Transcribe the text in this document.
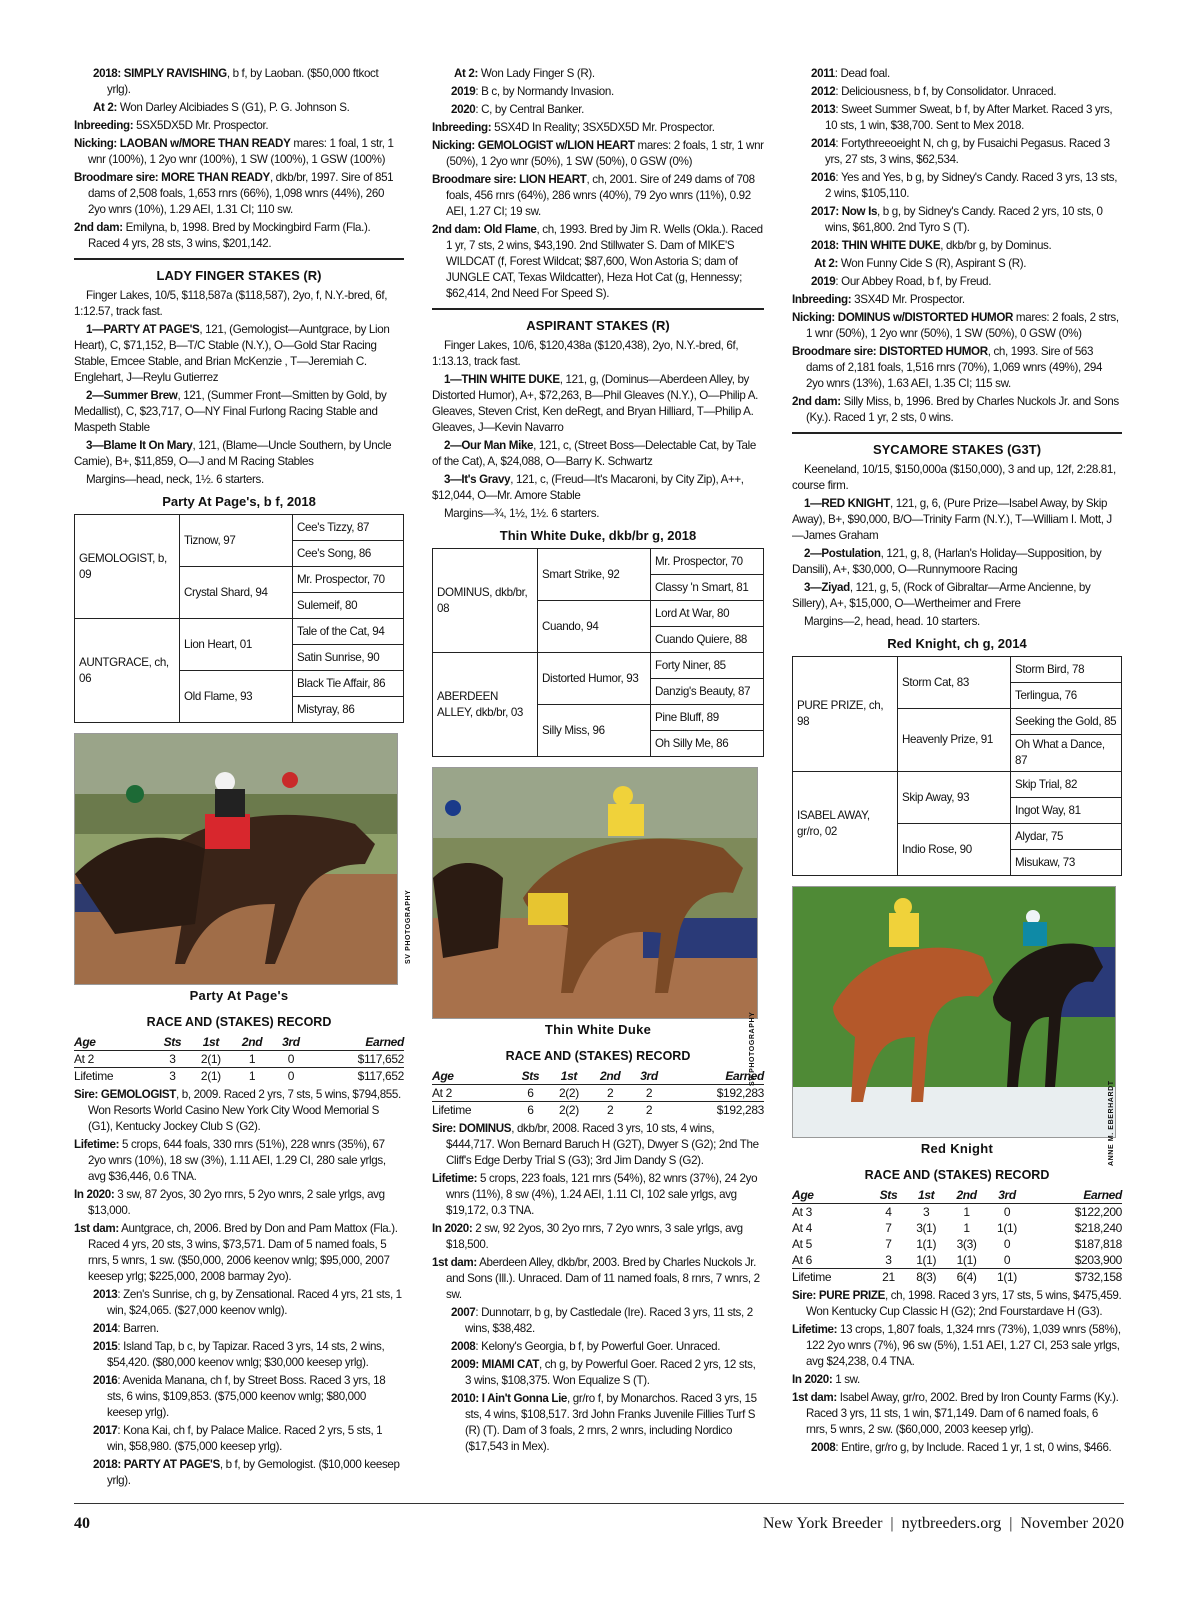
2018: SIMPLY RAVISHING, b f, by Laoban. ($50,000 ftkoct yrlg).

At 2: Won Darley Alcibiades S (G1), P. G. Johnson S.

Inbreeding: 5SX5DX5D Mr. Prospector.

Nicking: LAOBAN w/MORE THAN READY mares: 1 foal, 1 str, 1 wnr (100%), 1 2yo wnr (100%), 1 SW (100%), 1 GSW (100%)

Broodmare sire: MORE THAN READY, dkb/br, 1997. Sire of 851 dams of 2,508 foals, 1,653 rnrs (66%), 1,098 wnrs (44%), 260 2yo wnrs (10%), 1.29 AEI, 1.31 CI; 110 sw.

2nd dam: Emilyna, b, 1998. Bred by Mockingbird Farm (Fla.). Raced 4 yrs, 28 sts, 3 wins, $201,142.

LADY FINGER STAKES (R)

Finger Lakes, 10/5, $118,587a ($118,587), 2yo, f, N.Y.-bred, 6f, 1:12.57, track fast.

1—PARTY AT PAGE'S, 121, (Gemologist—Auntgrace, by Lion Heart), C, $71,152, B—T/C Stable (N.Y.), O—Gold Star Racing Stable, Emcee Stable, and Brian McKenzie , T—Jeremiah C. Englehart, J—Reylu Gutierrez

2—Summer Brew, 121, (Summer Front—Smitten by Gold, by Medallist), C, $23,717, O—NY Final Furlong Racing Stable and Maspeth Stable

3—Blame It On Mary, 121, (Blame—Uncle Southern, by Uncle Camie), B+, $11,859, O—J and M Racing Stables

Margins—head, neck, 1½. 6 starters.

Party At Page's, b f, 2018
GEMOLOGIST, b, 09	Tiznow, 97	Cee's Tizzy, 87
		Cee's Song, 86
	Crystal Shard, 94	Mr. Prospector, 70
		Sulemeif, 80
AUNTGRACE, ch, 06	Lion Heart, 01	Tale of the Cat, 94
		Satin Sunrise, 90
	Old Flame, 93	Black Tie Affair, 86
		Mistyray, 86
SV PHOTOGRAPHY
Party At Page's
RACE AND (STAKES) RECORD
Age	Sts	1st	2nd	3rd	Earned
At 2	3	2(1)	1	0	$117,652
Lifetime	3	2(1)	1	0	$117,652

Sire: GEMOLOGIST, b, 2009. Raced 2 yrs, 7 sts, 5 wins, $794,855. Won Resorts World Casino New York City Wood Memorial S (G1), Kentucky Jockey Club S (G2).

Lifetime: 5 crops, 644 foals, 330 rnrs (51%), 228 wnrs (35%), 67 2yo wnrs (10%), 18 sw (3%), 1.11 AEI, 1.29 CI, 280 sale yrlgs, avg $36,446, 0.6 TNA.

In 2020: 3 sw, 87 2yos, 30 2yo rnrs, 5 2yo wnrs, 2 sale yrlgs, avg $13,000.

1st dam: Auntgrace, ch, 2006. Bred by Don and Pam Mattox (Fla.). Raced 4 yrs, 20 sts, 3 wins, $73,571. Dam of 5 named foals, 5 rnrs, 5 wnrs, 1 sw. ($50,000, 2006 keenov wnlg; $95,000, 2007 keesep yrlg; $225,000, 2008 barmay 2yo).

2013: Zen's Sunrise, ch g, by Zensational. Raced 4 yrs, 21 sts, 1 win, $24,065. ($27,000 keenov wnlg).

2014: Barren.

2015: Island Tap, b c, by Tapizar. Raced 3 yrs, 14 sts, 2 wins, $54,420. ($80,000 keenov wnlg; $30,000 keesep yrlg).

2016: Avenida Manana, ch f, by Street Boss. Raced 3 yrs, 18 sts, 6 wins, $109,853. ($75,000 keenov wnlg; $80,000 keesep yrlg).

2017: Kona Kai, ch f, by Palace Malice. Raced 2 yrs, 5 sts, 1 win, $58,980. ($75,000 keesep yrlg).

2018: PARTY AT PAGE'S, b f, by Gemologist. ($10,000 keesep yrlg).

At 2: Won Lady Finger S (R).

2019: B c, by Normandy Invasion.

2020: C, by Central Banker.

Inbreeding: 5SX4D In Reality; 3SX5DX5D Mr. Prospector.

Nicking: GEMOLOGIST w/LION HEART mares: 2 foals, 1 str, 1 wnr (50%), 1 2yo wnr (50%), 1 SW (50%), 0 GSW (0%)

Broodmare sire: LION HEART, ch, 2001. Sire of 249 dams of 708 foals, 456 rnrs (64%), 286 wnrs (40%), 79 2yo wnrs (11%), 0.92 AEI, 1.27 CI; 19 sw.

2nd dam: Old Flame, ch, 1993. Bred by Jim R. Wells (Okla.). Raced 1 yr, 7 sts, 2 wins, $43,190. 2nd Stillwater S. Dam of MIKE'S WILDCAT (f, Forest Wildcat; $87,600, Won Astoria S; dam of JUNGLE CAT, Texas Wildcatter), Heza Hot Cat (g, Hennessy; $62,414, 2nd Need For Speed S).

ASPIRANT STAKES (R)

Finger Lakes, 10/6, $120,438a ($120,438), 2yo, N.Y.-bred, 6f, 1:13.13, track fast.

1—THIN WHITE DUKE, 121, g, (Dominus—Aberdeen Alley, by Distorted Humor), A+, $72,263, B—Phil Gleaves (N.Y.), O—Philip A. Gleaves, Steven Crist, Ken deRegt, and Bryan Hilliard, T—Philip A. Gleaves, J—Kevin Navarro

2—Our Man Mike, 121, c, (Street Boss—Delectable Cat, by Tale of the Cat), A, $24,088, O—Barry K. Schwartz

3—It's Gravy, 121, c, (Freud—It's Macaroni, by City Zip), A++, $12,044, O—Mr. Amore Stable

Margins—¾, 1½, 1½. 6 starters.

Thin White Duke, dkb/br g, 2018
DOMINUS, dkb/br, 08	Smart Strike, 92	Mr. Prospector, 70
		Classy 'n Smart, 81
	Cuando, 94	Lord At War, 80
		Cuando Quiere, 88
ABERDEEN ALLEY, dkb/br, 03	Distorted Humor, 93	Forty Niner, 85
		Danzig's Beauty, 87
	Silly Miss, 96	Pine Bluff, 89
		Oh Silly Me, 86
SV PHOTOGRAPHY
Thin White Duke
RACE AND (STAKES) RECORD
Age	Sts	1st	2nd	3rd	Earned
At 2	6	2(2)	2	2	$192,283
Lifetime	6	2(2)	2	2	$192,283

Sire: DOMINUS, dkb/br, 2008. Raced 3 yrs, 10 sts, 4 wins, $444,717. Won Bernard Baruch H (G2T), Dwyer S (G2); 2nd The Cliff's Edge Derby Trial S (G3); 3rd Jim Dandy S (G2).

Lifetime: 5 crops, 223 foals, 121 rnrs (54%), 82 wnrs (37%), 24 2yo wnrs (11%), 8 sw (4%), 1.24 AEI, 1.11 CI, 102 sale yrlgs, avg $19,172, 0.3 TNA.

In 2020: 2 sw, 92 2yos, 30 2yo rnrs, 7 2yo wnrs, 3 sale yrlgs, avg $18,500.

1st dam: Aberdeen Alley, dkb/br, 2003. Bred by Charles Nuckols Jr. and Sons (Ill.). Unraced. Dam of 11 named foals, 8 rnrs, 7 wnrs, 2 sw.

2007: Dunnotarr, b g, by Castledale (Ire). Raced 3 yrs, 11 sts, 2 wins, $38,482.

2008: Kelony's Georgia, b f, by Powerful Goer. Unraced.

2009: MIAMI CAT, ch g, by Powerful Goer. Raced 2 yrs, 12 sts, 3 wins, $108,375. Won Equalize S (T).

2010: I Ain't Gonna Lie, gr/ro f, by Monarchos. Raced 3 yrs, 15 sts, 4 wins, $108,517. 3rd John Franks Juvenile Fillies Turf S (R) (T). Dam of 3 foals, 2 rnrs, 2 wnrs, including Nordico ($17,543 in Mex).

2011: Dead foal.

2012: Deliciousness, b f, by Consolidator. Unraced.

2013: Sweet Summer Sweat, b f, by After Market. Raced 3 yrs, 10 sts, 1 win, $38,700. Sent to Mex 2018.

2014: Fortythreeoeight N, ch g, by Fusaichi Pegasus. Raced 3 yrs, 27 sts, 3 wins, $62,534.

2016: Yes and Yes, b g, by Sidney's Candy. Raced 3 yrs, 13 sts, 2 wins, $105,110.

2017: Now Is, b g, by Sidney's Candy. Raced 2 yrs, 10 sts, 0 wins, $61,800. 2nd Tyro S (T).

2018: THIN WHITE DUKE, dkb/br g, by Dominus.

At 2: Won Funny Cide S (R), Aspirant S (R).

2019: Our Abbey Road, b f, by Freud.

Inbreeding: 3SX4D Mr. Prospector.

Nicking: DOMINUS w/DISTORTED HUMOR mares: 2 foals, 2 strs, 1 wnr (50%), 1 2yo wnr (50%), 1 SW (50%), 0 GSW (0%)

Broodmare sire: DISTORTED HUMOR, ch, 1993. Sire of 563 dams of 2,181 foals, 1,516 rnrs (70%), 1,069 wnrs (49%), 294 2yo wnrs (13%), 1.63 AEI, 1.35 CI; 115 sw.

2nd dam: Silly Miss, b, 1996. Bred by Charles Nuckols Jr. and Sons (Ky.). Raced 1 yr, 2 sts, 0 wins.

SYCAMORE STAKES (G3T)

Keeneland, 10/15, $150,000a ($150,000), 3 and up, 12f, 2:28.81, course firm.

1—RED KNIGHT, 121, g, 6, (Pure Prize—Isabel Away, by Skip Away), B+, $90,000, B/O—Trinity Farm (N.Y.), T—William I. Mott, J—James Graham

2—Postulation, 121, g, 8, (Harlan's Holiday—Supposition, by Dansili), A+, $30,000, O—Runnymoore Racing

3—Ziyad, 121, g, 5, (Rock of Gibraltar—Arme Ancienne, by Sillery), A+, $15,000, O—Wertheimer and Frere

Margins—2, head, head. 10 starters.

Red Knight, ch g, 2014
PURE PRIZE, ch, 98	Storm Cat, 83	Storm Bird, 78
		Terlingua, 76
	Heavenly Prize, 91	Seeking the Gold, 85
		Oh What a Dance, 87
ISABEL AWAY, gr/ro, 02	Skip Away, 93	Skip Trial, 82
		Ingot Way, 81
	Indio Rose, 90	Alydar, 75
		Misukaw, 73
ANNE M. EBERHARDT
Red Knight
RACE AND (STAKES) RECORD
Age	Sts	1st	2nd	3rd	Earned
At 3	4	3	1	0	$122,200
At 4	7	3(1)	1	1(1)	$218,240
At 5	7	1(1)	3(3)	0	$187,818
At 6	3	1(1)	1(1)	0	$203,900
Lifetime	21	8(3)	6(4)	1(1)	$732,158

Sire: PURE PRIZE, ch, 1998. Raced 3 yrs, 17 sts, 5 wins, $475,459. Won Kentucky Cup Classic H (G2); 2nd Fourstardave H (G3).

Lifetime: 13 crops, 1,807 foals, 1,324 rnrs (73%), 1,039 wnrs (58%), 122 2yo wnrs (7%), 96 sw (5%), 1.51 AEI, 1.27 CI, 253 sale yrlgs, avg $24,238, 0.4 TNA.

In 2020: 1 sw.

1st dam: Isabel Away, gr/ro, 2002. Bred by Iron County Farms (Ky.). Raced 3 yrs, 11 sts, 1 win, $71,149. Dam of 6 named foals, 6 rnrs, 5 wnrs, 2 sw. ($60,000, 2003 keesep yrlg).

2008: Entire, gr/ro g, by Include. Raced 1 yr, 1 st, 0 wins, $466.

40	New York Breeder  |  nytbreeders.org  |  November 2020
